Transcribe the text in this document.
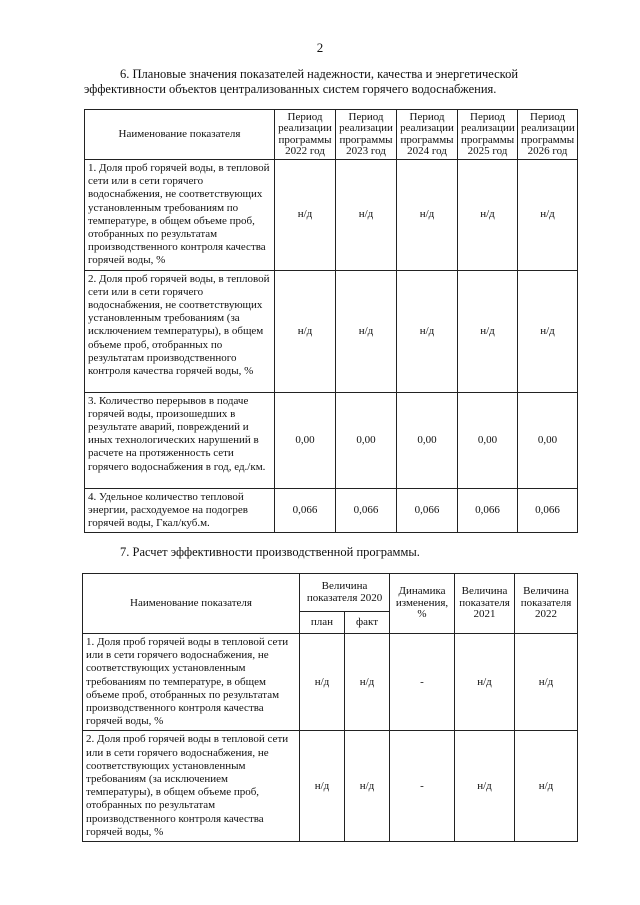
2
6. Плановые значения показателей надежности, качества и энергетической
эффективности объектов централизованных систем горячего водоснабжения.
Наименование показателя	Период реализации программы 2022 год	Период реализации программы 2023 год	Период реализации программы 2024 год	Период реализации программы 2025 год	Период реализации программы 2026 год
1. Доля проб горячей воды, в тепловой сети или в сети горячего водоснабжения, не соответствующих установленным требованиям по температуре, в общем объеме проб, отобранных по результатам производственного контроля качества горячей воды, %	н/д	н/д	н/д	н/д	н/д
2. Доля проб горячей воды, в тепловой сети или в сети горячего водоснабжения, не соответствующих установленным требованиям (за исключением температуры), в общем объеме проб, отобранных по результатам производственного контроля качества горячей воды, %	н/д	н/д	н/д	н/д	н/д
3. Количество перерывов в подаче горячей воды, произошедших в результате аварий, повреждений и иных технологических нарушений в расчете на протяженность сети горячего водоснабжения в год, ед./км.	0,00	0,00	0,00	0,00	0,00
4. Удельное количество тепловой энергии, расходуемое на подогрев горячей воды, Гкал/куб.м.	0,066	0,066	0,066	0,066	0,066
7. Расчет эффективности производственной программы.
Наименование показателя	Величина показателя 2020		Динамика изменения, %	Величина показателя 2021	Величина показателя 2022
	план	факт			
1. Доля проб горячей воды в тепловой сети или в сети горячего водоснабжения, не соответствующих установленным требованиям по температуре, в общем объеме проб, отобранных по результатам производственного контроля качества горячей воды, %	н/д	н/д	-	н/д	н/д
2. Доля проб горячей воды в тепловой сети или в сети горячего водоснабжения, не соответствующих установленным требованиям (за исключением температуры), в общем объеме проб, отобранных по результатам производственного контроля качества горячей воды, %	н/д	н/д	-	н/д	н/д
